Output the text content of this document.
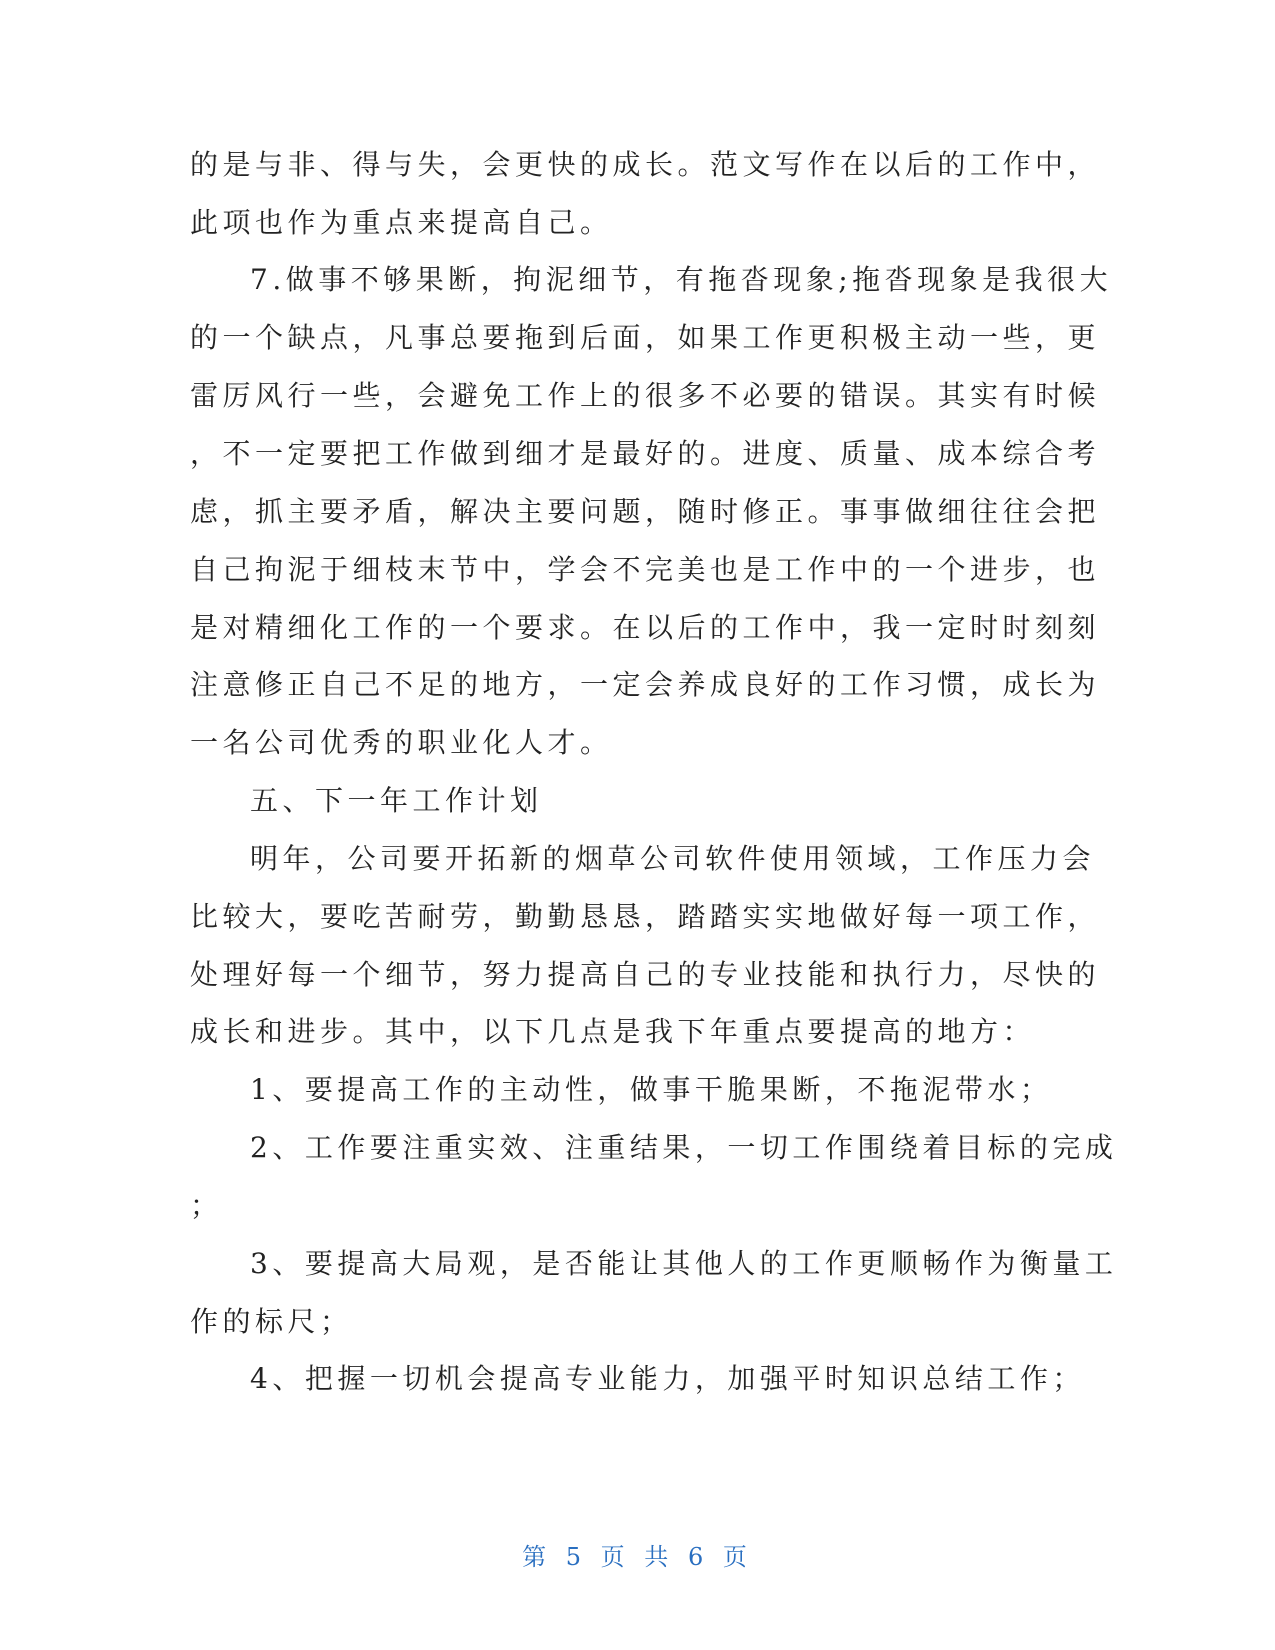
的是与非、得与失，会更快的成长。范文写作在以后的工作中，
此项也作为重点来提高自己。
7.做事不够果断，拘泥细节，有拖沓现象;拖沓现象是我很大
的一个缺点，凡事总要拖到后面，如果工作更积极主动一些，更
雷厉风行一些，会避免工作上的很多不必要的错误。其实有时候
，不一定要把工作做到细才是最好的。进度、质量、成本综合考
虑，抓主要矛盾，解决主要问题，随时修正。事事做细往往会把
自己拘泥于细枝末节中，学会不完美也是工作中的一个进步，也
是对精细化工作的一个要求。在以后的工作中，我一定时时刻刻
注意修正自己不足的地方，一定会养成良好的工作习惯，成长为
一名公司优秀的职业化人才。
五、下一年工作计划
明年，公司要开拓新的烟草公司软件使用领域，工作压力会
比较大，要吃苦耐劳，勤勤恳恳，踏踏实实地做好每一项工作，
处理好每一个细节，努力提高自己的专业技能和执行力，尽快的
成长和进步。其中，以下几点是我下年重点要提高的地方：
1、要提高工作的主动性，做事干脆果断，不拖泥带水；
2、工作要注重实效、注重结果，一切工作围绕着目标的完成
；
3、要提高大局观，是否能让其他人的工作更顺畅作为衡量工
作的标尺；
4、把握一切机会提高专业能力，加强平时知识总结工作；
第 5 页 共 6 页
